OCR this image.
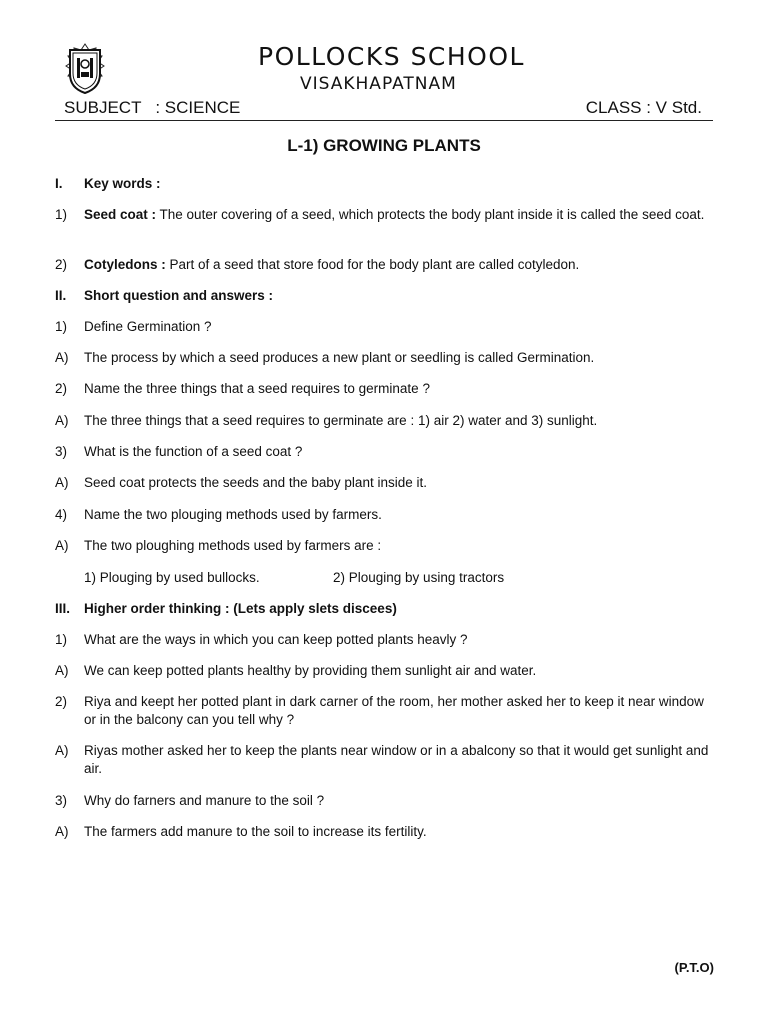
POLLOCKS SCHOOL
VISAKHAPATNAM
SUBJECT   : SCIENCE	CLASS : V Std.
L-1) GROWING PLANTS
I. Key words :
1) Seed coat : The outer covering of a seed, which protects the body plant inside it is called the seed coat.
2) Cotyledons : Part of a seed that store food for the body plant are called cotyledon.
II. Short question and answers :
1) Define Germination ?
A) The process by which a seed produces a new plant or seedling is called Germination.
2) Name the three things that a seed requires to germinate ?
A) The three things that a seed requires to germinate are : 1) air 2) water and 3) sunlight.
3) What is the function of a seed coat ?
A) Seed coat protects the seeds and the baby plant inside it.
4) Name the two plouging methods used by farmers.
A) The two ploughing methods used by farmers are :
1) Plouging by used bullocks.	2) Plouging by using tractors
III. Higher order thinking : (Lets apply slets discees)
1) What are the ways in which you can keep potted plants heavly ?
A) We can keep potted plants healthy by providing them sunlight air and water.
2) Riya and keept her potted plant in dark carner of the room, her mother asked her to keep it near window or in the balcony can you tell why ?
A) Riyas mother asked her to keep the plants near window or in a abalcony so that it would get sunlight and air.
3) Why do farners and manure to the soil ?
A) The farmers add manure to the soil to increase its fertility.
(P.T.O)
